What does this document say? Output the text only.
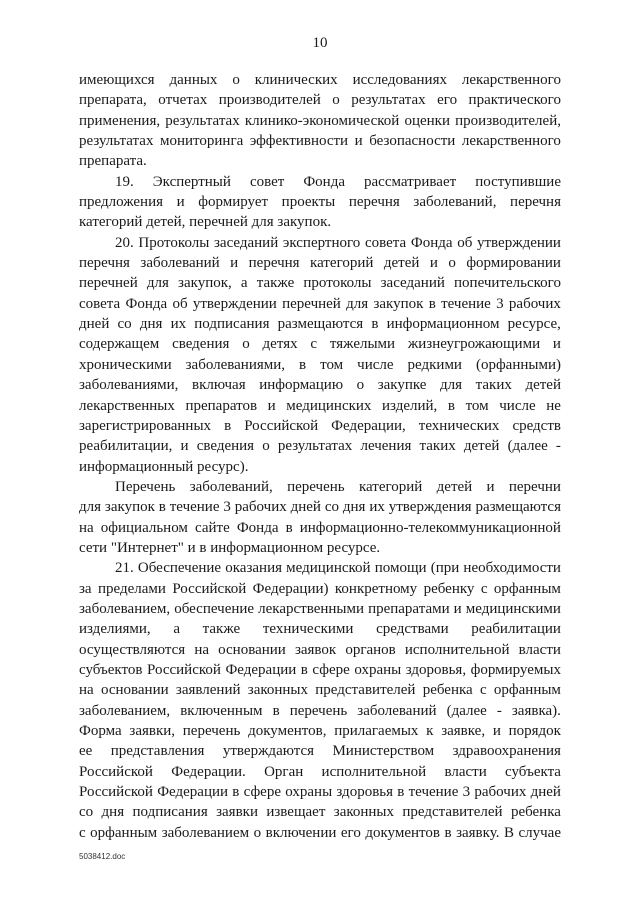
10
имеющихся данных о клинических исследованиях лекарственного
препарата, отчетах производителей о результатах его практического
применения, результатах клинико-экономической оценки производителей,
результатах мониторинга эффективности и безопасности лекарственного
препарата.
19. Экспертный совет Фонда рассматривает поступившие
предложения и формирует проекты перечня заболеваний, перечня
категорий детей, перечней для закупок.
20. Протоколы заседаний экспертного совета Фонда об утверждении
перечня заболеваний и перечня категорий детей и о формировании
перечней для закупок, а также протоколы заседаний попечительского
совета Фонда об утверждении перечней для закупок в течение 3 рабочих
дней со дня их подписания размещаются в информационном ресурсе,
содержащем сведения о детях с тяжелыми жизнеугрожающими и
хроническими заболеваниями, в том числе редкими (орфанными)
заболеваниями, включая информацию о закупке для таких детей
лекарственных препаратов и медицинских изделий, в том числе не
зарегистрированных в Российской Федерации, технических средств
реабилитации, и сведения о результатах лечения таких детей (далее -
информационный ресурс).
Перечень заболеваний, перечень категорий детей и перечни
для закупок в течение 3 рабочих дней со дня их утверждения размещаются
на официальном сайте Фонда в информационно-телекоммуникационной
сети "Интернет" и в информационном ресурсе.
21. Обеспечение оказания медицинской помощи (при необходимости
за пределами Российской Федерации) конкретному ребенку с орфанным
заболеванием, обеспечение лекарственными препаратами и медицинскими
изделиями, а также техническими средствами реабилитации
осуществляются на основании заявок органов исполнительной власти
субъектов Российской Федерации в сфере охраны здоровья, формируемых
на основании заявлений законных представителей ребенка с орфанным
заболеванием, включенным в перечень заболеваний (далее - заявка).
Форма заявки, перечень документов, прилагаемых к заявке, и порядок
ее представления утверждаются Министерством здравоохранения
Российской Федерации. Орган исполнительной власти субъекта
Российской Федерации в сфере охраны здоровья в течение 3 рабочих дней
со дня подписания заявки извещает законных представителей ребенка
с орфанным заболеванием о включении его документов в заявку. В случае
5038412.doc
